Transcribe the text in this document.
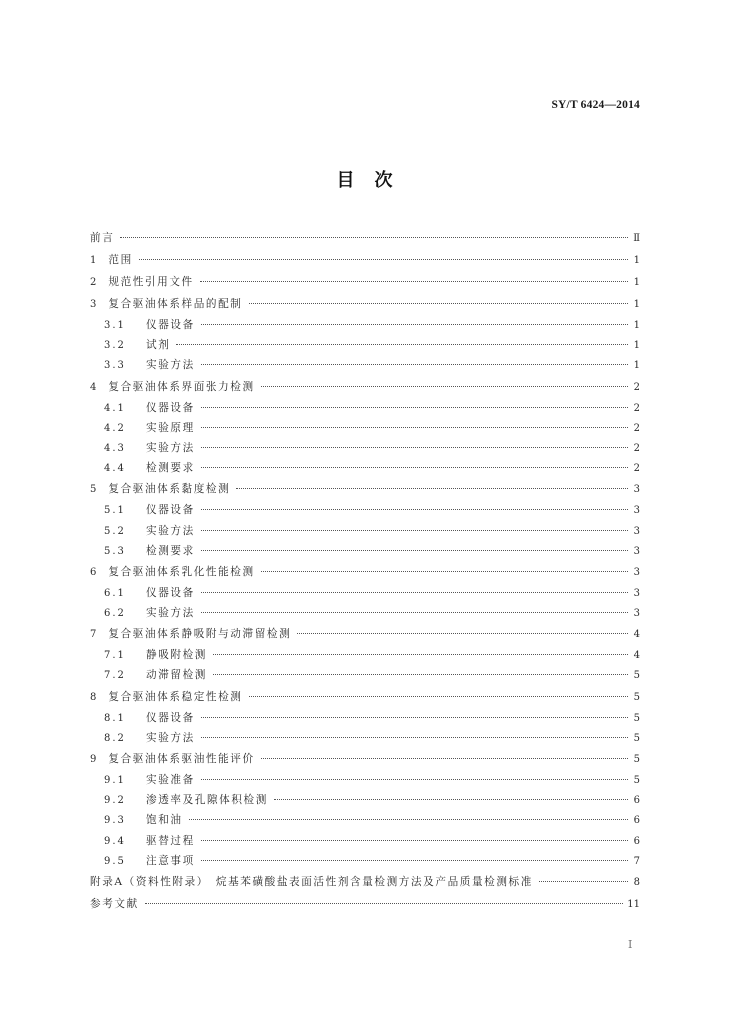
SY/T 6424—2014
目　次
前言	Ⅱ
1 范围	1
2 规范性引用文件	1
3 复合驱油体系样品的配制	1
3.1	仪器设备	1
3.2	试剂	1
3.3	实验方法	1
4 复合驱油体系界面张力检测	2
4.1	仪器设备	2
4.2	实验原理	2
4.3	实验方法	2
4.4	检测要求	2
5 复合驱油体系黏度检测	3
5.1	仪器设备	3
5.2	实验方法	3
5.3	检测要求	3
6 复合驱油体系乳化性能检测	3
6.1	仪器设备	3
6.2	实验方法	3
7 复合驱油体系静吸附与动滞留检测	4
7.1	静吸附检测	4
7.2	动滞留检测	5
8 复合驱油体系稳定性检测	5
8.1	仪器设备	5
8.2	实验方法	5
9 复合驱油体系驱油性能评价	5
9.1	实验准备	5
9.2	渗透率及孔隙体积检测	6
9.3	饱和油	6
9.4	驱替过程	6
9.5	注意事项	7
附录A（资料性附录）　烷基苯磺酸盐表面活性剂含量检测方法及产品质量检测标准	8
参考文献	11
Ⅰ
